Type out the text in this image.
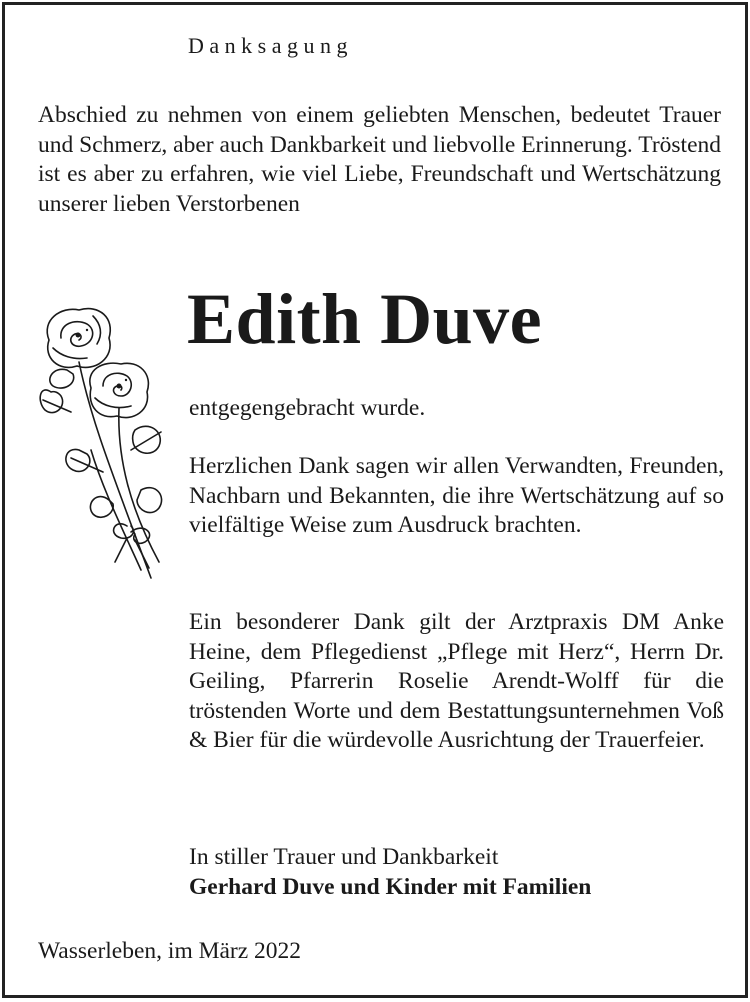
Danksagung
Abschied zu nehmen von einem geliebten Menschen, bedeutet Trauer und Schmerz, aber auch Dankbarkeit und liebvolle Erinnerung. Tröstend ist es aber zu erfahren, wie viel Liebe, Freundschaft und Wertschätzung unserer lieben Verstorbenen
Edith Duve
entgegengebracht wurde.
Herzlichen Dank sagen wir allen Verwandten, Freunden, Nachbarn und Bekannten, die ihre Wertschätzung auf so vielfältige Weise zum Ausdruck brachten.
Ein besonderer Dank gilt der Arztpraxis DM Anke Heine, dem Pflegedienst „Pflege mit Herz“, Herrn Dr. Geiling, Pfarrerin Roselie Arendt-Wolff für die tröstenden Worte und dem Bestattungsunternehmen Voß & Bier für die würdevolle Ausrichtung der Trauerfeier.
In stiller Trauer und Dankbarkeit
Gerhard Duve und Kinder mit Familien
Wasserleben, im März 2022
